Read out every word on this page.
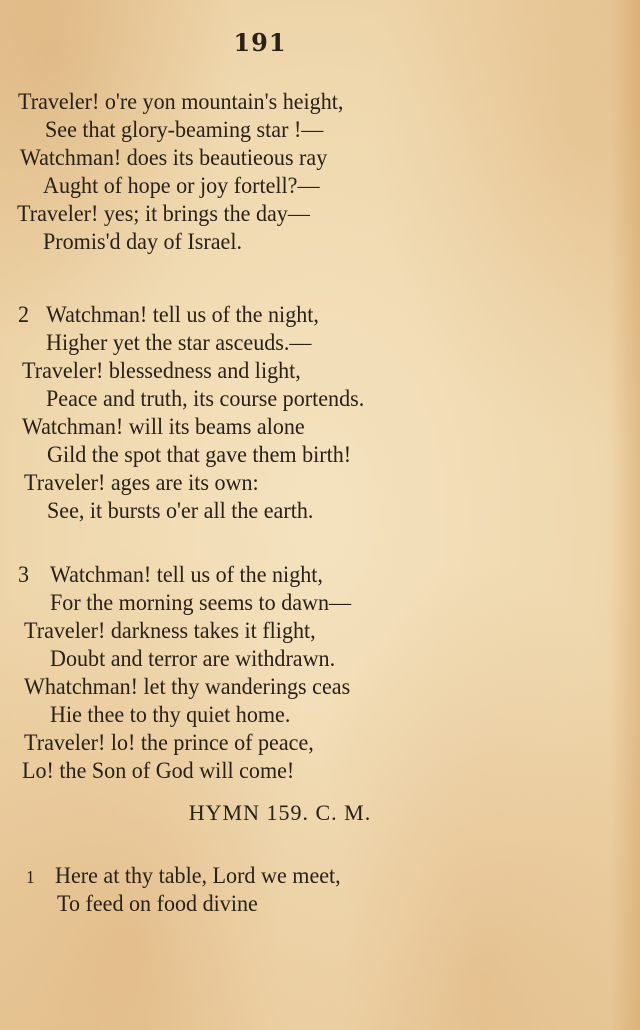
191
Traveler! o're yon mountain's height,
See that glory-beaming star !—
Watchman! does its beautieous ray
Aught of hope or joy fortell?—
Traveler! yes; it brings the day—
Promis'd day of Israel.
2 Watchman! tell us of the night,
Higher yet the star asceuds.—
Traveler! blessedness and light,
Peace and truth, its course portends.
Watchman! will its beams alone
Gild the spot that gave them birth!
Traveler! ages are its own:
See, it bursts o'er all the earth.
3 Watchman! tell us of the night,
For the morning seems to dawn—
Traveler! darkness takes it flight,
Doubt and terror are withdrawn.
Whatchman! let thy wanderings ceas
Hie thee to thy quiet home.
Traveler! lo! the prince of peace,
Lo! the Son of God will come!
HYMN 159. C. M.
1 Here at thy table, Lord we meet,
To feed on food divine
